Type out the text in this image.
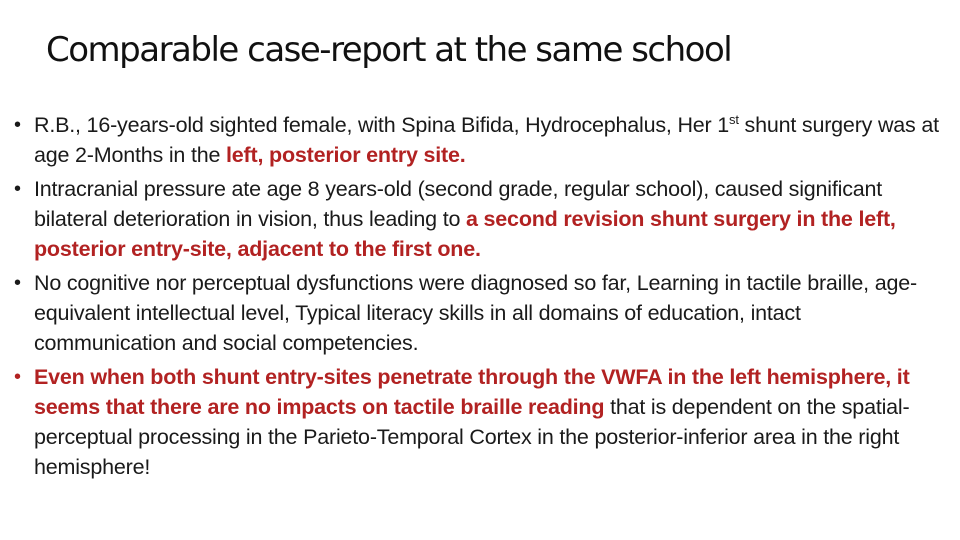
Comparable case-report at the same school
• R.B., 16-years-old sighted female, with Spina Bifida, Hydrocephalus, Her 1st shunt surgery was at age 2-Months in the left, posterior entry site.
• Intracranial pressure ate age 8 years-old (second grade, regular school), caused significant bilateral deterioration in vision, thus leading to a second revision shunt surgery in the left, posterior entry-site, adjacent to the first one.
• No cognitive nor perceptual dysfunctions were diagnosed so far, Learning in tactile braille, age-equivalent intellectual level, Typical literacy skills in all domains of education, intact communication and social competencies.
• Even when both shunt entry-sites penetrate through the VWFA in the left hemisphere, it seems that there are no impacts on tactile braille reading that is dependent on the spatial-perceptual processing in the Parieto-Temporal Cortex in the posterior-inferior area in the right hemisphere!
